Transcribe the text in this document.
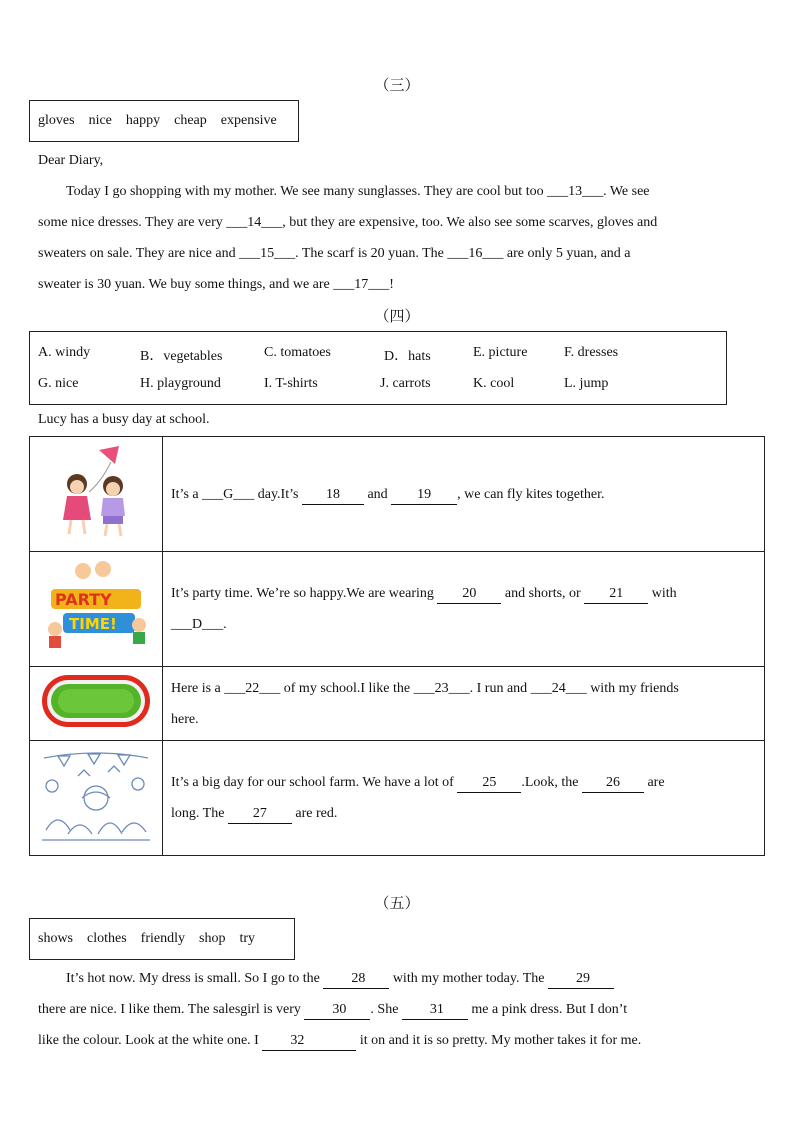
（三）
gloves nice happy cheap expensive
Dear Diary,
Today I go shopping with my mother. We see many sunglasses. They are cool but too ___13___. We see
some nice dresses. They are very ___14___, but they are expensive, too. We also see some scarves, gloves and
sweaters on sale. They are nice and ___15___. The scarf is 20 yuan. The ___16___ are only 5 yuan, and a
sweater is 30 yuan. We buy some things, and we are ___17___!
（四）
A. windy	B．vegetables	C. tomatoes	D．hats	E. picture	F. dresses
G. nice	H. playground	I. T-shirts	J. carrots	K. cool	L. jump
Lucy has a busy day at school.
	It’s a ___G___ day.It’s 18 and 19 , we can fly kites together.

PARTY
TIME!	It’s party time. We’re so happy.We are wearing 20 and shorts, or 21 with
___D___.
	Here is a ___22___ of my school.I like the ___23___. I run and ___24___ with my friends
here.
	It’s a big day for our school farm. We have a lot of 25 .Look, the 26 are
long. The 27 are red.
（五）
shows clothes friendly shop try
It’s hot now. My dress is small. So I go to the 28 with my mother today. The 29
there are nice. I like them. The salesgirl is very 30 . She 31 me a pink dress. But I don’t
like the colour. Look at the white one. I 32	it on and it is so pretty. My mother takes it for me.
